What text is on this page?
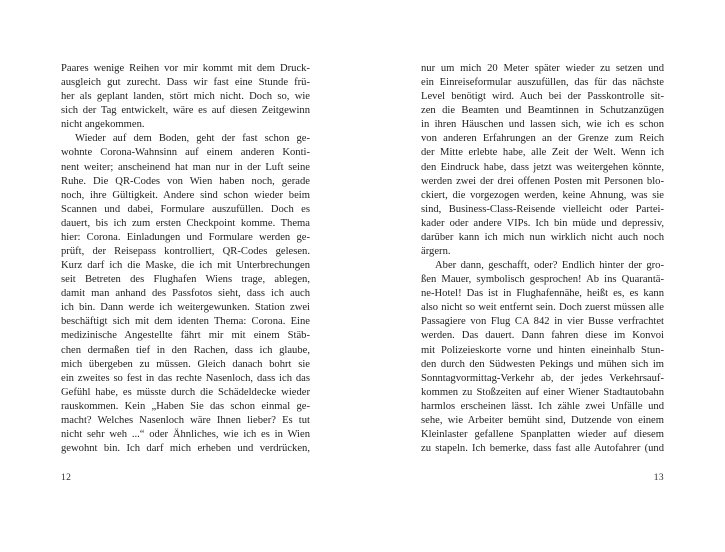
Paares wenige Reihen vor mir kommt mit dem Druck-
ausgleich gut zurecht. Dass wir fast eine Stunde frü-
her als geplant landen, stört mich nicht. Doch so, wie
sich der Tag entwickelt, wäre es auf diesen Zeitgewinn
nicht angekommen.
Wieder auf dem Boden, geht der fast schon ge-
wohnte Corona-Wahnsinn auf einem anderen Konti-
nent weiter; anscheinend hat man nur in der Luft seine
Ruhe. Die QR-Codes von Wien haben noch, gerade
noch, ihre Gültigkeit. Andere sind schon wieder beim
Scannen und dabei, Formulare auszufüllen. Doch es
dauert, bis ich zum ersten Checkpoint komme. Thema
hier: Corona. Einladungen und Formulare werden ge-
prüft, der Reisepass kontrolliert, QR-Codes gelesen.
Kurz darf ich die Maske, die ich mit Unterbrechungen
seit Betreten des Flughafen Wiens trage, ablegen,
damit man anhand des Passfotos sieht, dass ich auch
ich bin. Dann werde ich weitergewunken. Station zwei
beschäftigt sich mit dem identen Thema: Corona. Eine
medizinische Angestellte fährt mir mit einem Stäb-
chen dermaßen tief in den Rachen, dass ich glaube,
mich übergeben zu müssen. Gleich danach bohrt sie
ein zweites so fest in das rechte Nasenloch, dass ich das
Gefühl habe, es müsste durch die Schädeldecke wieder
rauskommen. Kein „Haben Sie das schon einmal ge-
macht? Welches Nasenloch wäre Ihnen lieber? Es tut
nicht sehr weh ...“ oder Ähnliches, wie ich es in Wien
gewohnt bin. Ich darf mich erheben und verdrücken,
12
nur um mich 20 Meter später wieder zu setzen und
ein Einreiseformular auszufüllen, das für das nächste
Level benötigt wird. Auch bei der Passkontrolle sit-
zen die Beamten und Beamtinnen in Schutzanzügen
in ihren Häuschen und lassen sich, wie ich es schon
von anderen Erfahrungen an der Grenze zum Reich
der Mitte erlebte habe, alle Zeit der Welt. Wenn ich
den Eindruck habe, dass jetzt was weitergehen könnte,
werden zwei der drei offenen Posten mit Personen blo-
ckiert, die vorgezogen werden, keine Ahnung, was sie
sind, Business-Class-Reisende vielleicht oder Partei-
kader oder andere VIPs. Ich bin müde und depressiv,
darüber kann ich mich nun wirklich nicht auch noch
ärgern.
Aber dann, geschafft, oder? Endlich hinter der gro-
ßen Mauer, symbolisch gesprochen! Ab ins Quarantä-
ne-Hotel! Das ist in Flughafennähe, heißt es, es kann
also nicht so weit entfernt sein. Doch zuerst müssen alle
Passagiere von Flug CA 842 in vier Busse verfrachtet
werden. Das dauert. Dann fahren diese im Konvoi
mit Polizeieskorte vorne und hinten eineinhalb Stun-
den durch den Südwesten Pekings und mühen sich im
Sonntagvormittag-Verkehr ab, der jedes Verkehrsauf-
kommen zu Stoßzeiten auf einer Wiener Stadtautobahn
harmlos erscheinen lässt. Ich zähle zwei Unfälle und
sehe, wie Arbeiter bemüht sind, Dutzende von einem
Kleinlaster gefallene Spanplatten wieder auf diesem
zu stapeln. Ich bemerke, dass fast alle Autofahrer (und
13
